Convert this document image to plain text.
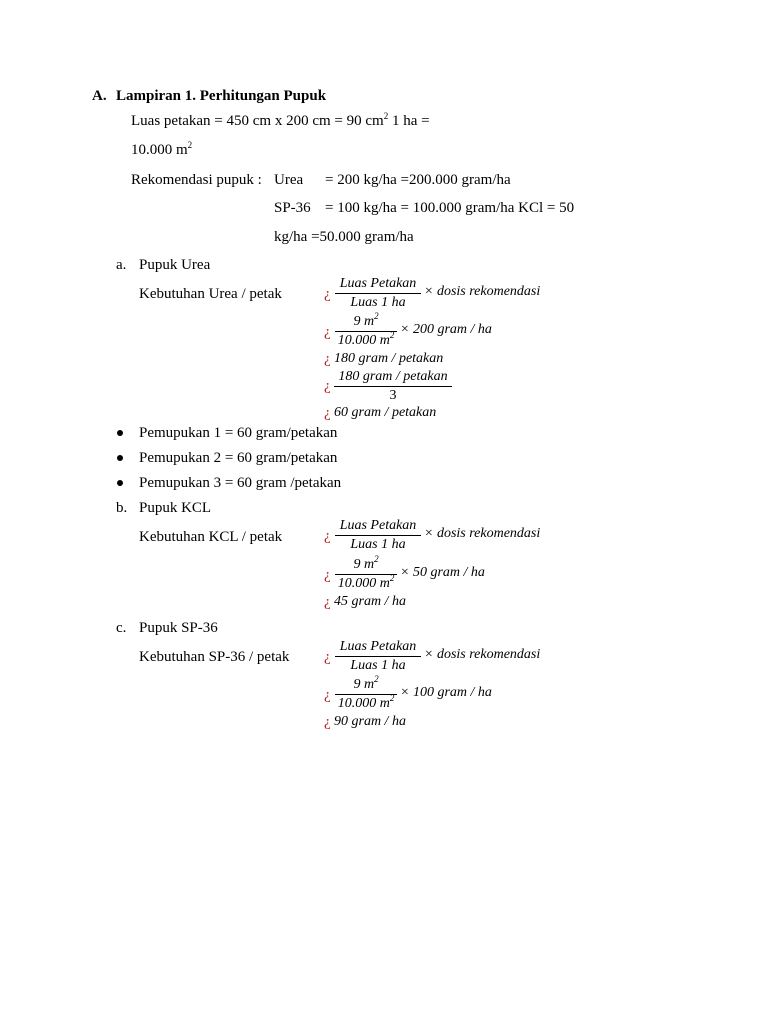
A. Lampiran 1. Perhitungan Pupuk
Luas petakan = 450 cm x 200 cm = 90 $cm^2$ 1 ha =
10.000 $m^2$
Rekomendasi pupuk : Urea = 200 kg/ha =200.000 gram/ha
SP-36 = 100 kg/ha = 100.000 gram/ha KCl = 50
kg/ha =50.000 gram/ha
a. Pupuk Urea
Kebutuhan Urea / petak	¿
Luas Petakan
Luas 1 ha
× dosis rekomendasi
¿
9 $m^2$
10.000 $m^2 \times 200$ gram / ha
¿ 180 gram / petakan
¿
180 gram / petakan
3
¿ 60 gram / petakan
Pemupukan 1 = 60 gram/petakan
Pemupukan 2 = 60 gram/petakan
Pemupukan 3 = 60 gram /petakan
b. Pupuk KCL
Kebutuhan KCL / petak	¿
Luas Petakan
Luas 1 ha
× dosis rekomendasi
¿
9 $m^2$
10.000 $m^2 \times 50$ gram / ha
¿ 45 gram / ha
c. Pupuk SP-36
Kebutuhan SP-36 / petak ¿
Luas Petakan
Luas 1 ha
× dosis rekomendasi
¿
9 $m^2$
10.000 $m^2 \times 100$ gram / ha
¿ 90 gram / ha
